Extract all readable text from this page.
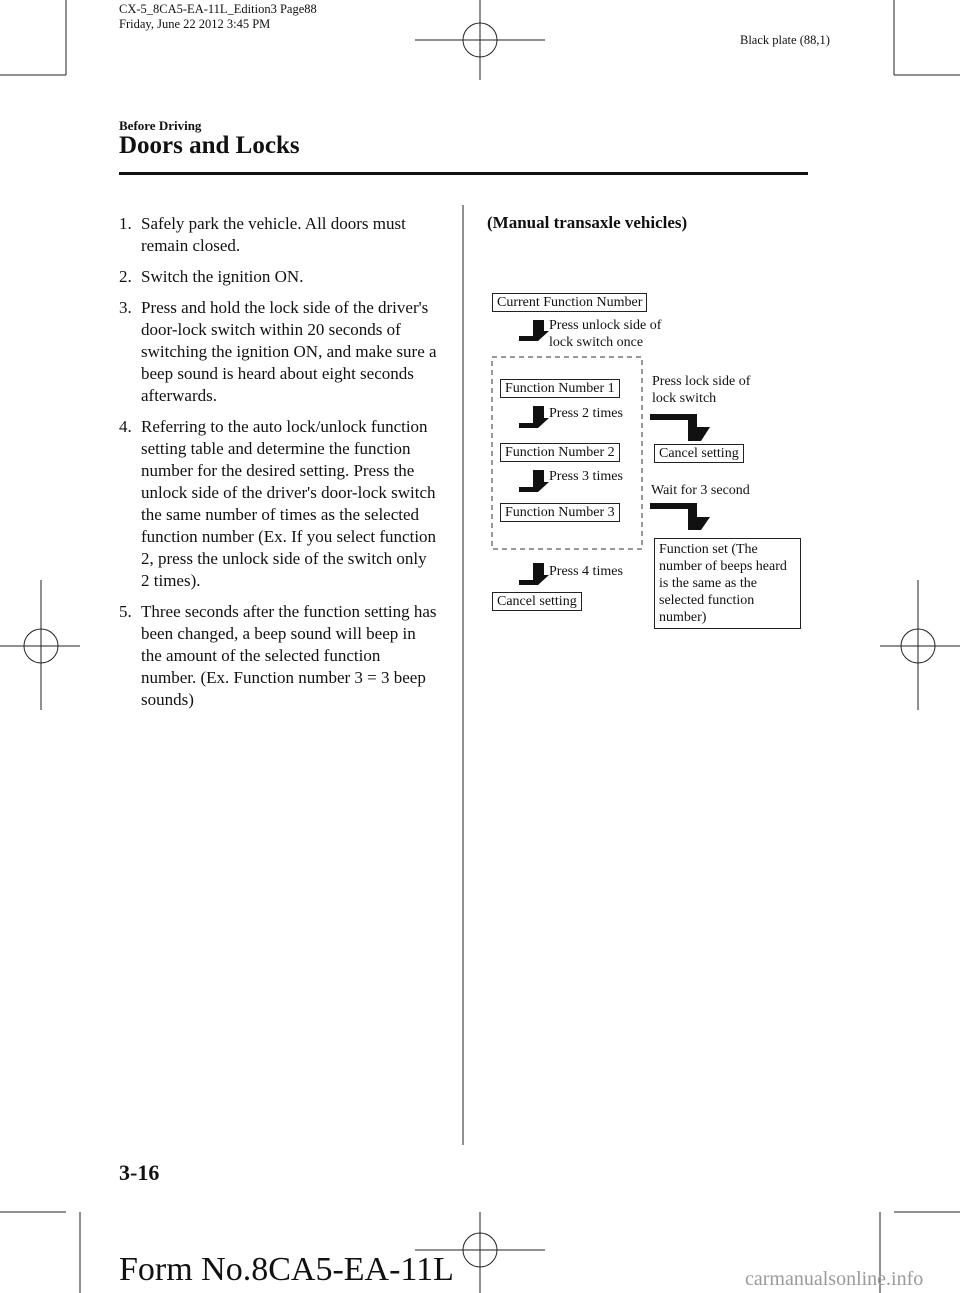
CX-5_8CA5-EA-11L_Edition3 Page88
Friday, June 22 2012 3:45 PM
Black plate (88,1)
Before Driving
Doors and Locks
1. Safely park the vehicle. All doors must remain closed.
2. Switch the ignition ON.
3. Press and hold the lock side of the driver's door-lock switch within 20 seconds of switching the ignition ON, and make sure a beep sound is heard about eight seconds afterwards.
4. Referring to the auto lock/unlock function setting table and determine the function number for the desired setting. Press the unlock side of the driver's door-lock switch the same number of times as the selected function number (Ex. If you select function 2, press the unlock side of the switch only 2 times).
5. Three seconds after the function setting has been changed, a beep sound will beep in the amount of the selected function number. (Ex. Function number 3 = 3 beep sounds)
(Manual transaxle vehicles)
Current Function Number
Press unlock side of
lock switch once
Function Number 1
Press 2 times
Function Number 2
Press 3 times
Function Number 3
Press 4 times
Cancel setting
Press lock side of
lock switch
Cancel setting
Wait for 3 second
Function set (The number of beeps heard is the same as the selected function number)
3-16
Form No.8CA5-EA-11L	carmanualsonline.info
